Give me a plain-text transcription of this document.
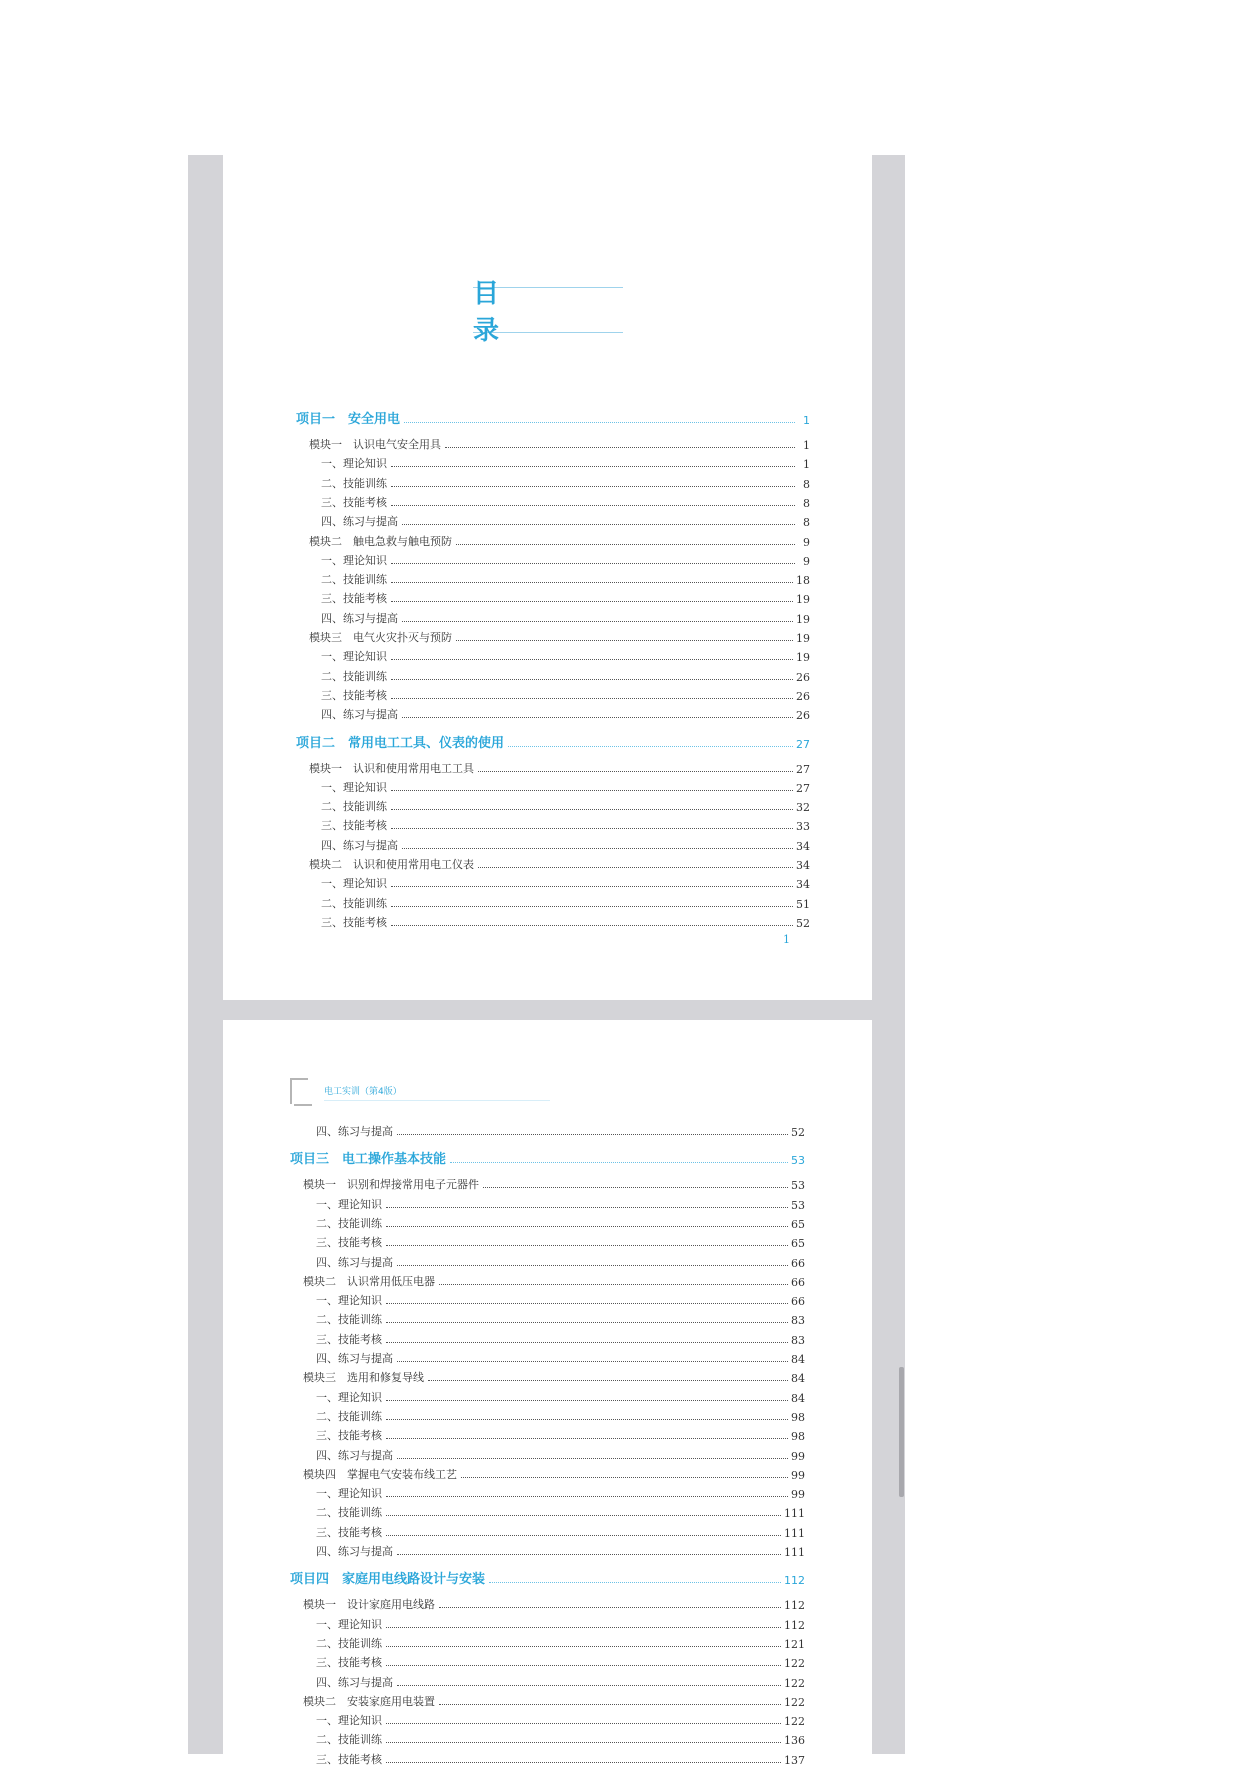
目　录
项目一　安全用电	1
模块一　认识电气安全用具	1
一、理论知识	1
二、技能训练	8
三、技能考核	8
四、练习与提高	8
模块二　触电急救与触电预防	9
一、理论知识	9
二、技能训练	18
三、技能考核	19
四、练习与提高	19
模块三　电气火灾扑灭与预防	19
一、理论知识	19
二、技能训练	26
三、技能考核	26
四、练习与提高	26
项目二　常用电工工具、仪表的使用	27
模块一　认识和使用常用电工工具	27
一、理论知识	27
二、技能训练	32
三、技能考核	33
四、练习与提高	34
模块二　认识和使用常用电工仪表	34
一、理论知识	34
二、技能训练	51
三、技能考核	52
1
电工实训（第4版）
四、练习与提高	52
项目三　电工操作基本技能	53
模块一　识别和焊接常用电子元器件	53
一、理论知识	53
二、技能训练	65
三、技能考核	65
四、练习与提高	66
模块二　认识常用低压电器	66
一、理论知识	66
二、技能训练	83
三、技能考核	83
四、练习与提高	84
模块三　选用和修复导线	84
一、理论知识	84
二、技能训练	98
三、技能考核	98
四、练习与提高	99
模块四　掌握电气安装布线工艺	99
一、理论知识	99
二、技能训练	111
三、技能考核	111
四、练习与提高	111
项目四　家庭用电线路设计与安装	112
模块一　设计家庭用电线路	112
一、理论知识	112
二、技能训练	121
三、技能考核	122
四、练习与提高	122
模块二　安装家庭用电装置	122
一、理论知识	122
二、技能训练	136
三、技能考核	137
